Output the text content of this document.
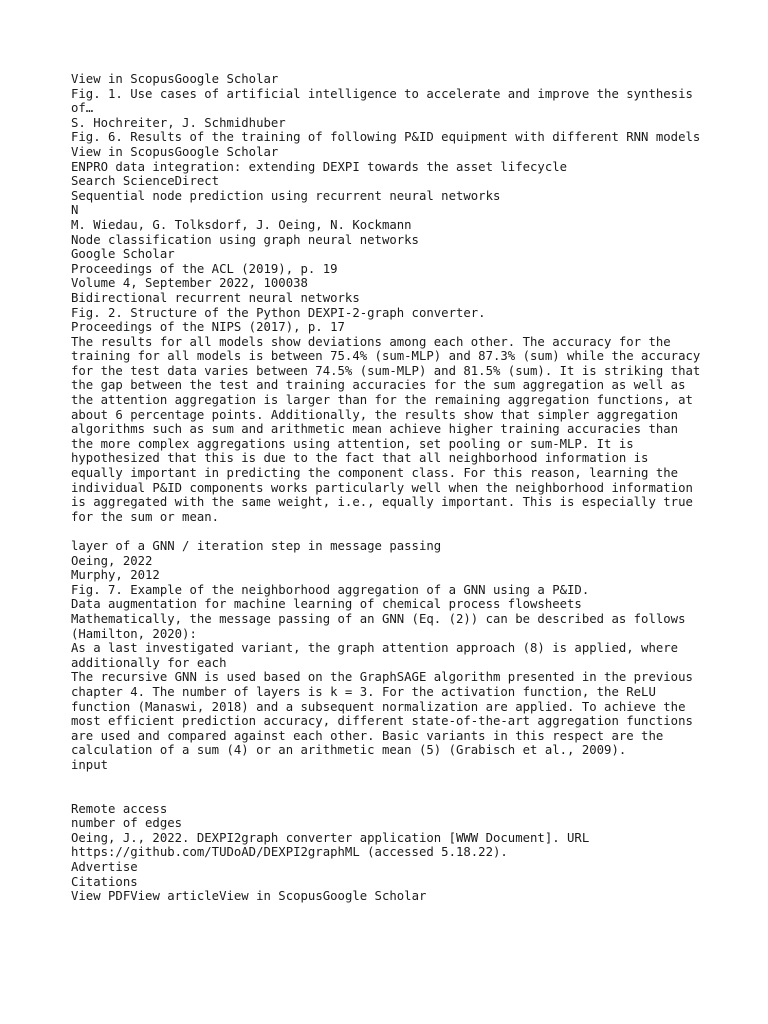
View in ScopusGoogle Scholar
Fig. 1. Use cases of artificial intelligence to accelerate and improve the synthesis of…
S. Hochreiter, J. Schmidhuber
Fig. 6. Results of the training of following P&ID equipment with different RNN models
View in ScopusGoogle Scholar
ENPRO data integration: extending DEXPI towards the asset lifecycle
Search ScienceDirect
Sequential node prediction using recurrent neural networks
N
M. Wiedau, G. Tolksdorf, J. Oeing, N. Kockmann
Node classification using graph neural networks
Google Scholar
Proceedings of the ACL (2019), p. 19
Volume 4, September 2022, 100038
Bidirectional recurrent neural networks
Fig. 2. Structure of the Python DEXPI-2-graph converter.
Proceedings of the NIPS (2017), p. 17
The results for all models show deviations among each other. The accuracy for the training for all models is between 75.4% (sum-MLP) and 87.3% (sum) while the accuracy for the test data varies between 74.5% (sum-MLP) and 81.5% (sum). It is striking that the gap between the test and training accuracies for the sum aggregation as well as the attention aggregation is larger than for the remaining aggregation functions, at about 6 percentage points. Additionally, the results show that simpler aggregation algorithms such as sum and arithmetic mean achieve higher training accuracies than the more complex aggregations using attention, set pooling or sum-MLP. It is hypothesized that this is due to the fact that all neighborhood information is equally important in predicting the component class. For this reason, learning the individual P&ID components works particularly well when the neighborhood information is aggregated with the same weight, i.e., equally important. This is especially true for the sum or mean.
layer of a GNN / iteration step in message passing
Oeing, 2022
Murphy, 2012
Fig. 7. Example of the neighborhood aggregation of a GNN using a P&ID.
Data augmentation for machine learning of chemical process flowsheets
Mathematically, the message passing of an GNN (Eq. (2)) can be described as follows (Hamilton, 2020):
As a last investigated variant, the graph attention approach (8) is applied, where additionally for each
The recursive GNN is used based on the GraphSAGE algorithm presented in the previous chapter 4. The number of layers is k = 3. For the activation function, the ReLU function (Manaswi, 2018) and a subsequent normalization are applied. To achieve the most efficient prediction accuracy, different state-of-the-art aggregation functions are used and compared against each other. Basic variants in this respect are the calculation of a sum (4) or an arithmetic mean (5) (Grabisch et al., 2009).
input
Remote access
number of edges
Oeing, J., 2022. DEXPI2graph converter application [WWW Document]. URL https://github.com/TUDoAD/DEXPI2graphML (accessed 5.18.22).
Advertise
Citations
View PDFView articleView in ScopusGoogle Scholar
